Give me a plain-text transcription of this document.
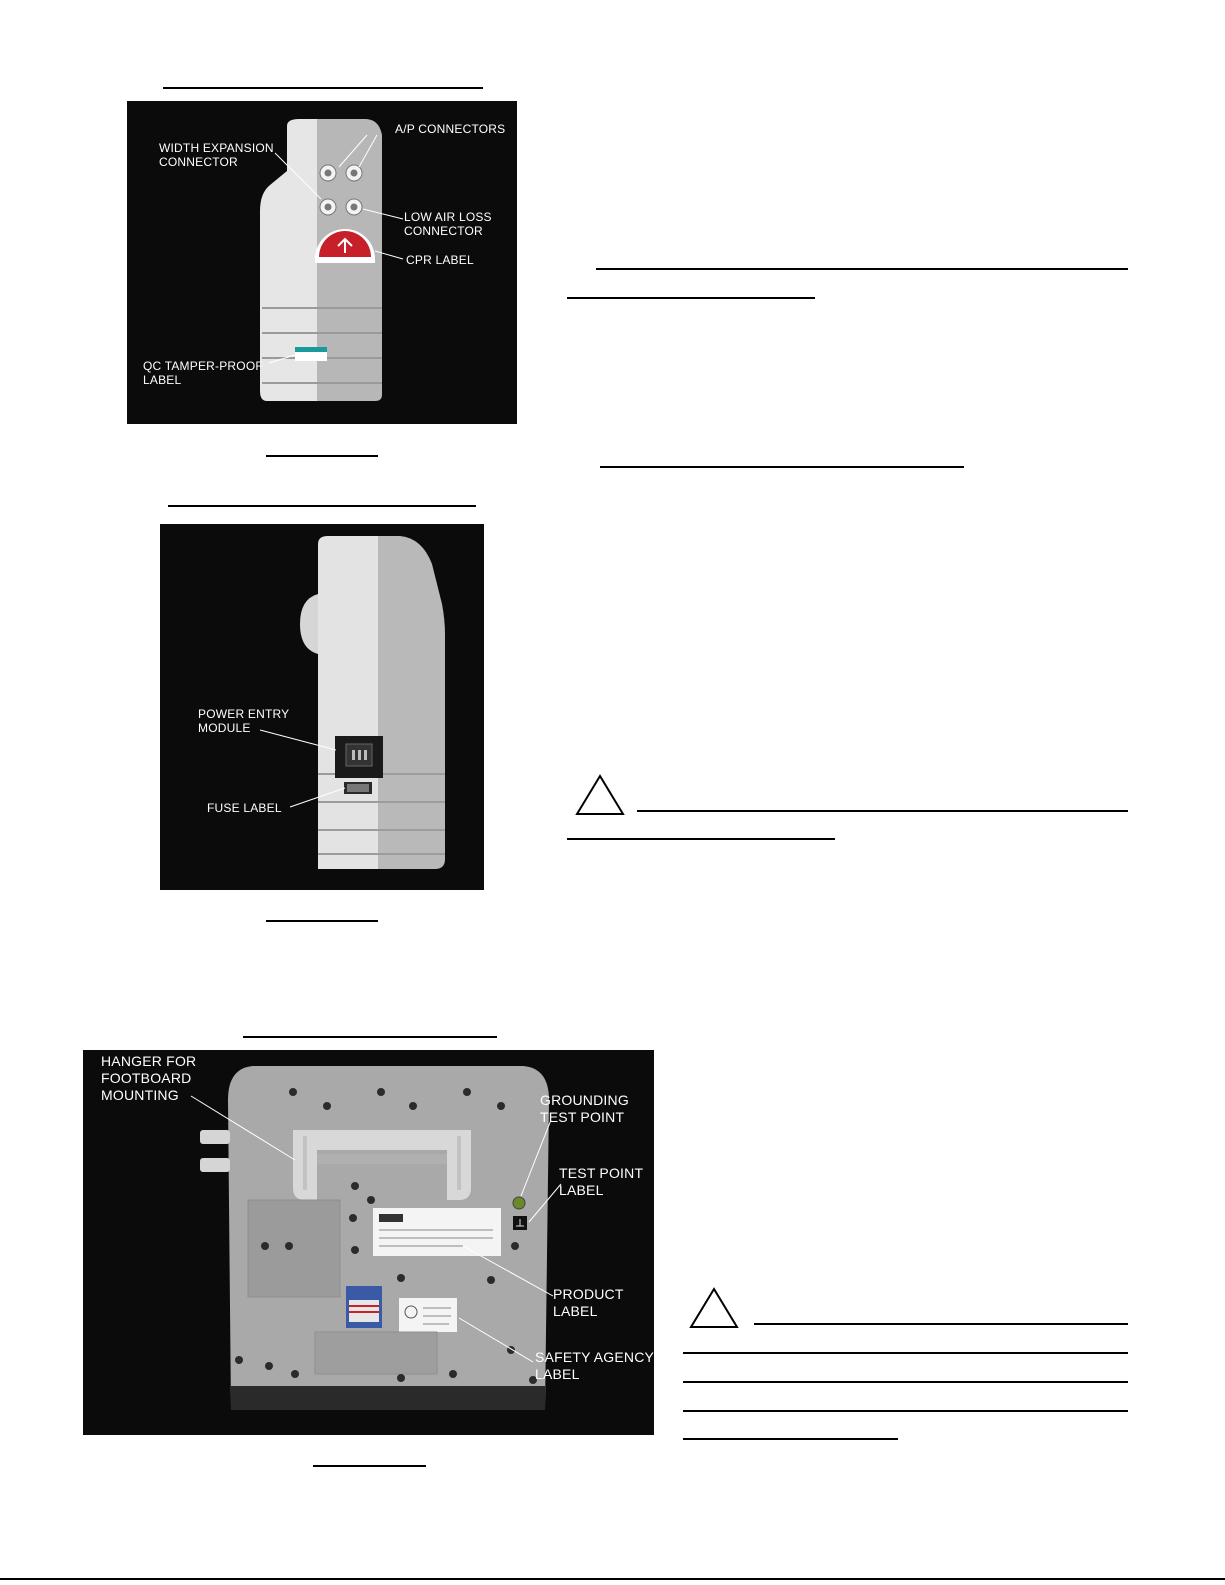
WIDTH EXPANSION
CONNECTOR
A/P CONNECTORS
LOW AIR LOSS
CONNECTOR
CPR LABEL
QC TAMPER-PROOF
LABEL
POWER ENTRY
MODULE
FUSE LABEL
HANGER FOR
FOOTBOARD
MOUNTING	GROUNDING
TEST POINT
TEST POINT
LABEL
PRODUCT
LABEL
SAFETY AGENCY
LABEL
